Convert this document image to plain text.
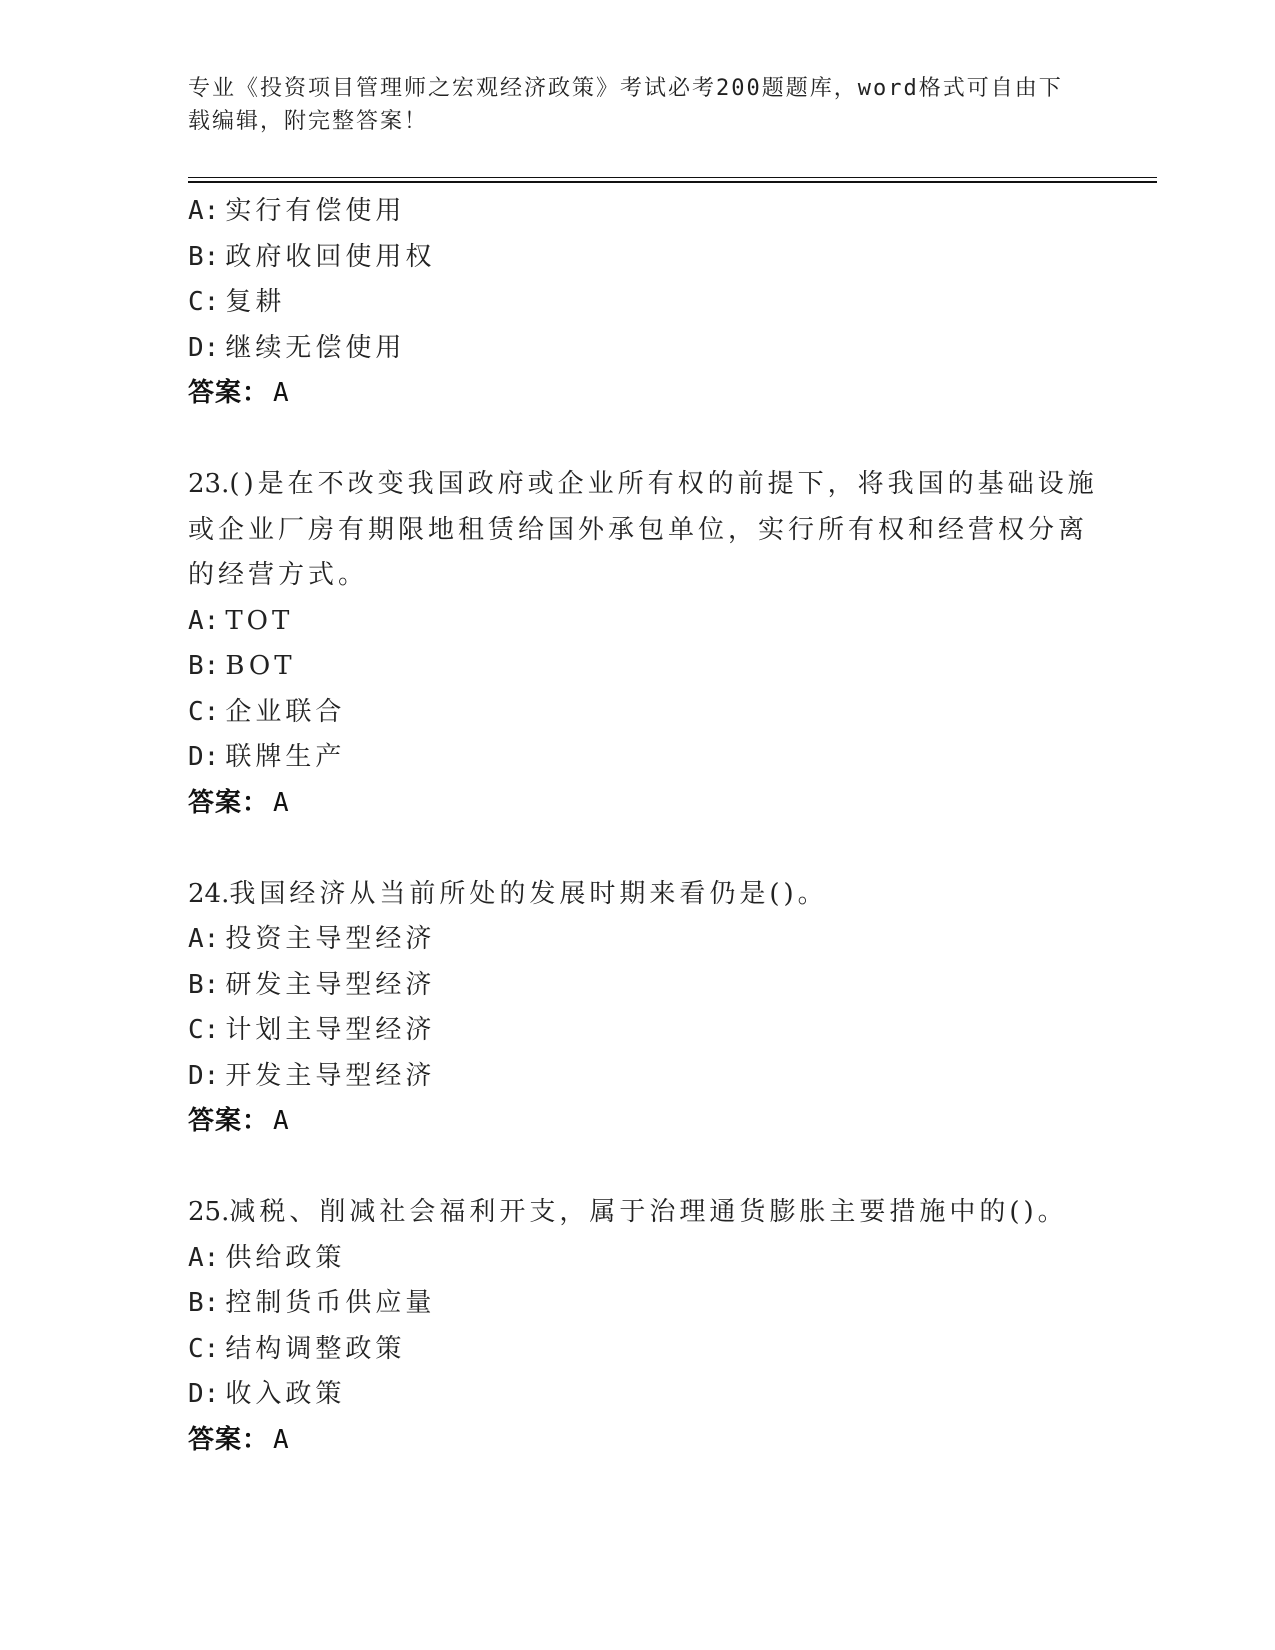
专业《投资项目管理师之宏观经济政策》考试必考200题题库，word格式可自由下载编辑，附完整答案！
A: 实行有偿使用
B: 政府收回使用权
C: 复耕
D: 继续无偿使用
答案： A
23.()是在不改变我国政府或企业所有权的前提下，将我国的基础设施
或企业厂房有期限地租赁给国外承包单位，实行所有权和经营权分离
的经营方式。
A: TOT
B: BOT
C: 企业联合
D: 联牌生产
答案： A
24.我国经济从当前所处的发展时期来看仍是()。
A: 投资主导型经济
B: 研发主导型经济
C: 计划主导型经济
D: 开发主导型经济
答案： A
25.减税、削减社会福利开支，属于治理通货膨胀主要措施中的()。
A: 供给政策
B: 控制货币供应量
C: 结构调整政策
D: 收入政策
答案： A
